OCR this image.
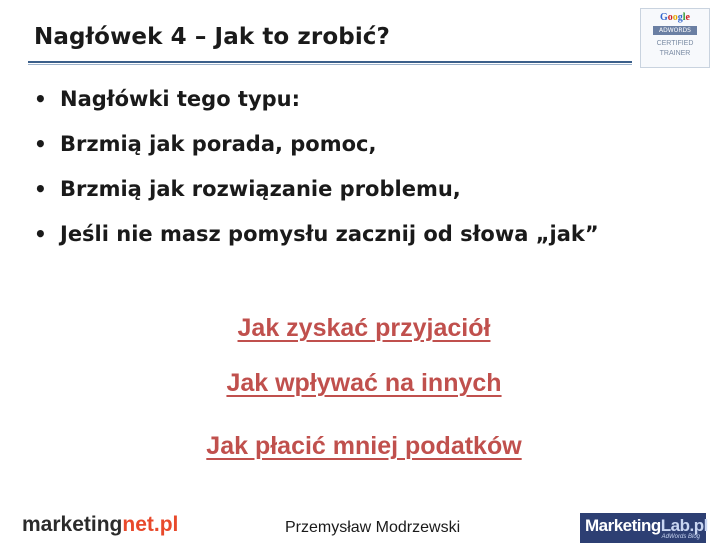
Nagłówek 4 – Jak to zrobić?
Google
ADWORDS
CERTIFIED
TRAINER
• Nagłówki tego typu:
• Brzmią jak porada, pomoc,
• Brzmią jak rozwiązanie problemu,
• Jeśli nie masz pomysłu zacznij od słowa „jak”
Jak zyskać przyjaciół
Jak wpływać na innych
Jak płacić mniej podatków
marketingnet.pl	Przemysław Modrzewski	MarketingLab.pl
AdWords Blog
